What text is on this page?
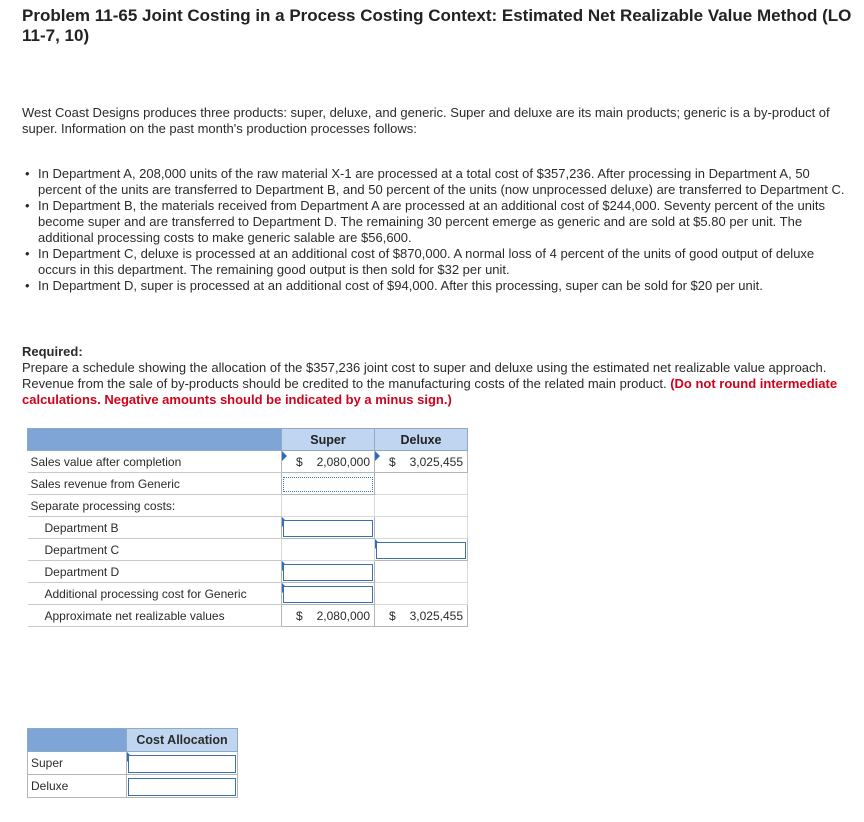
Problem 11-65 Joint Costing in a Process Costing Context: Estimated Net Realizable Value Method (LO 11-7, 10)

West Coast Designs produces three products: super, deluxe, and generic. Super and deluxe are its main products; generic is a by-product of super. Information on the past month's production processes follows:

• In Department A, 208,000 units of the raw material X-1 are processed at a total cost of $357,236. After processing in Department A, 50 percent of the units are transferred to Department B, and 50 percent of the units (now unprocessed deluxe) are transferred to Department C.
• In Department B, the materials received from Department A are processed at an additional cost of $244,000. Seventy percent of the units become super and are transferred to Department D. The remaining 30 percent emerge as generic and are sold at $5.80 per unit. The additional processing costs to make generic salable are $56,600.
• In Department C, deluxe is processed at an additional cost of $870,000. A normal loss of 4 percent of the units of good output of deluxe occurs in this department. The remaining good output is then sold for $32 per unit.
• In Department D, super is processed at an additional cost of $94,000. After this processing, super can be sold for $20 per unit.
Required:
Prepare a schedule showing the allocation of the $357,236 joint cost to super and deluxe using the estimated net realizable value approach. Revenue from the sale of by-products should be credited to the manufacturing costs of the related main product. (Do not round intermediate calculations. Negative amounts should be indicated by a minus sign.)
	Super	Deluxe
Sales value after completion	$ 2,080,000	$ 3,025,455

Sales revenue from Generic	

Separate processing costs:		
Department B	

Department C		

Department D	

Additional processing cost for Generic	

Approximate net realizable values	$ 2,080,000	$ 3,025,455
	Cost Allocation
Super	

Deluxe	
